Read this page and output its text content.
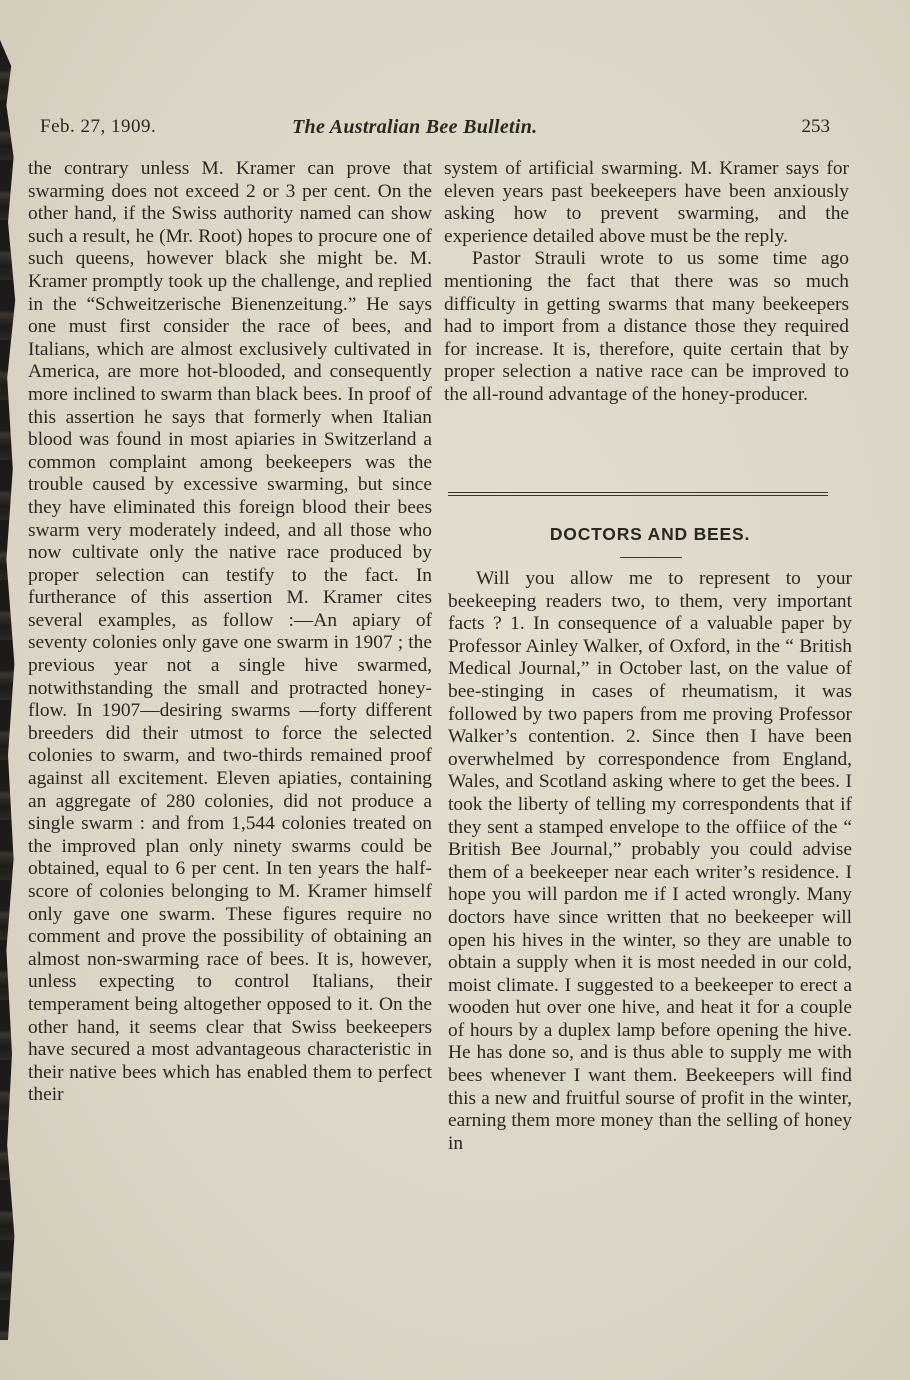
Feb. 27, 1909.	The Australian Bee Bulletin.	253

the contrary unless M. Kramer can prove that swarming does not exceed 2 or 3 per cent. On the other hand, if the Swiss authority named can show such a result, he (Mr. Root) hopes to procure one of such queens, however black she might be. M. Kramer promptly took up the challenge, and replied in the “Schweitzerische Bienenzeitung.” He says one must first consider the race of bees, and Italians, which are almost exclusively cultivated in America, are more hot-blooded, and consequently more inclined to swarm than black bees. In proof of this assertion he says that formerly when Italian blood was found in most apiaries in Switzerland a common complaint among beekeepers was the trouble caused by excessive swarming, but since they have eliminated this foreign blood their bees swarm very moderately indeed, and all those who now cultivate only the native race produced by proper selection can testify to the fact. In furtherance of this assertion M. Kramer cites several examples, as follow :—An apiary of seventy colonies only gave one swarm in 1907 ; the previous year not a single hive swarmed, notwithstanding the small and protracted honey-flow. In 1907—desiring swarms —forty different breeders did their utmost to force the selected colonies to swarm, and two-thirds remained proof against all excitement. Eleven apiaties, containing an aggregate of 280 colonies, did not produce a single swarm : and from 1,544 colonies treated on the improved plan only ninety swarms could be obtained, equal to 6 per cent. In ten years the half-score of colonies belonging to M. Kramer himself only gave one swarm. These figures require no comment and prove the possibility of obtaining an almost non-swarming race of bees. It is, however, unless expecting to control Italians, their temperament being altogether opposed to it. On the other hand, it seems clear that Swiss beekeepers have secured a most advantageous characteristic in their native bees which has enabled them to perfect their

system of artificial swarming. M. Kramer says for eleven years past beekeepers have been anxiously asking how to prevent swarming, and the experience detailed above must be the reply.

Pastor Strauli wrote to us some time ago mentioning the fact that there was so much difficulty in getting swarms that many beekeepers had to import from a distance those they required for increase. It is, therefore, quite certain that by proper selection a native race can be improved to the all-round advantage of the honey-producer.

DOCTORS AND BEES.

Will you allow me to represent to your beekeeping readers two, to them, very important facts ? 1. In consequence of a valuable paper by Professor Ainley Walker, of Oxford, in the “ British Medical Journal,” in October last, on the value of bee-stinging in cases of rheumatism, it was followed by two papers from me proving Professor Walker’s contention. 2. Since then I have been overwhelmed by correspondence from England, Wales, and Scotland asking where to get the bees. I took the liberty of telling my correspondents that if they sent a stamped envelope to the offiice of the “ British Bee Journal,” probably you could advise them of a beekeeper near each writer’s residence. I hope you will pardon me if I acted wrongly. Many doctors have since written that no beekeeper will open his hives in the winter, so they are unable to obtain a supply when it is most needed in our cold, moist climate. I suggested to a beekeeper to erect a wooden hut over one hive, and heat it for a couple of hours by a duplex lamp before opening the hive. He has done so, and is thus able to supply me with bees whenever I want them. Beekeepers will find this a new and fruitful sourse of profit in the winter, earning them more money than the selling of honey in
